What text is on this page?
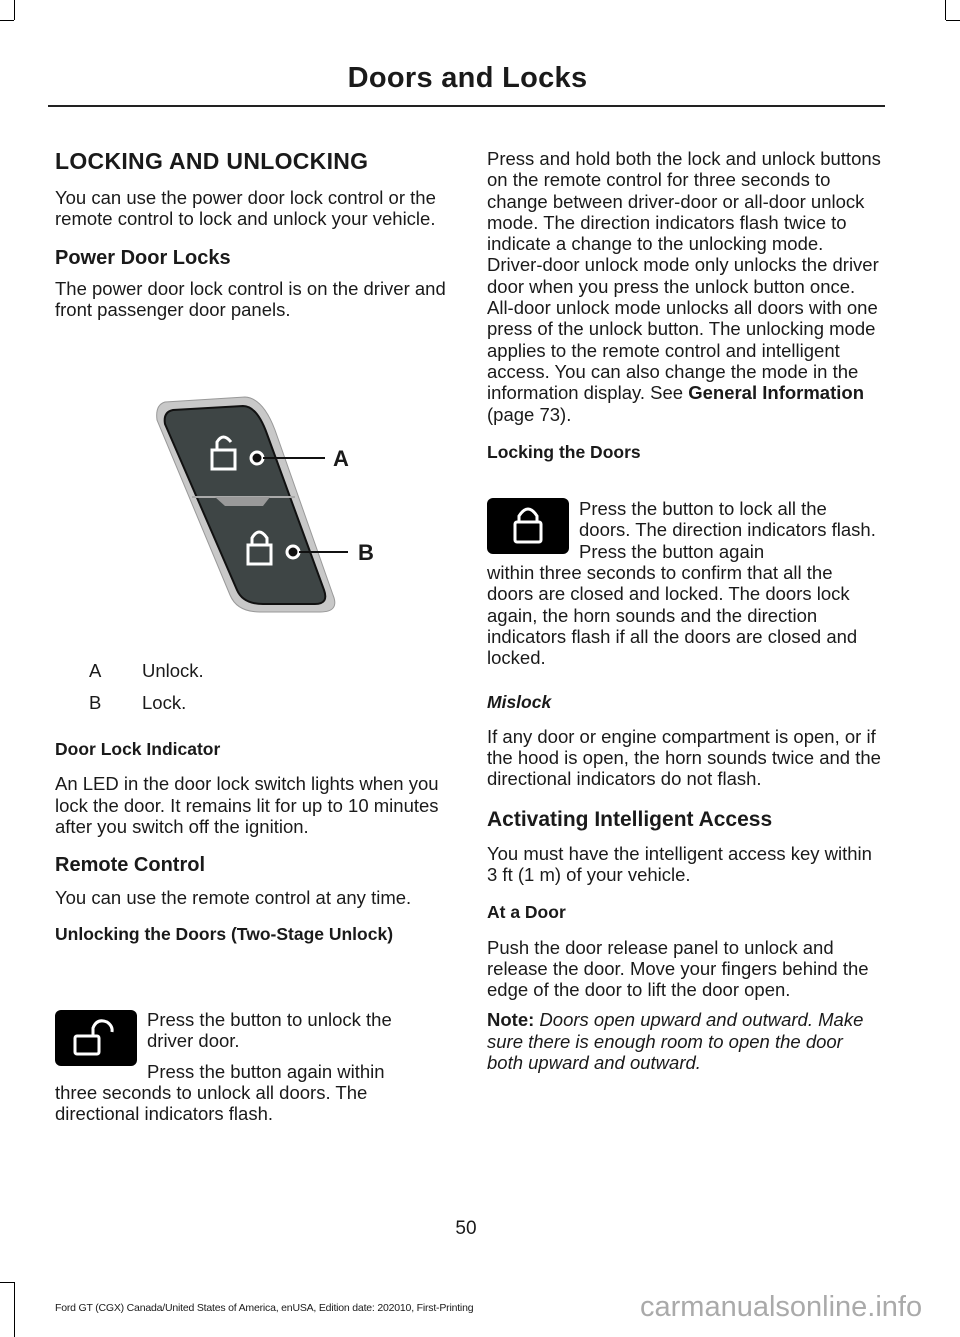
Doors and Locks
LOCKING AND UNLOCKING

You can use the power door lock control or the remote control to lock and unlock your vehicle.

Power Door Locks

The power door lock control is on the driver and front passenger door panels.

A
B
A Unlock.
B Lock.
Door Lock Indicator

An LED in the door lock switch lights when you lock the door. It remains lit for up to 10 minutes after you switch off the ignition.

Remote Control

You can use the remote control at any time.

Unlocking the Doors (Two-Stage Unlock)

Press the button to unlock the driver door.

Press the button again within

three seconds to unlock all doors. The directional indicators flash.

Press and hold both the lock and unlock buttons on the remote control for three seconds to change between driver-door or all-door unlock mode. The direction indicators flash twice to indicate a change to the unlocking mode. Driver-door unlock mode only unlocks the driver door when you press the unlock button once. All-door unlock mode unlocks all doors with one press of the unlock button. The unlocking mode applies to the remote control and intelligent access. You can also change the mode in the information display. See General Information (page 73).

Locking the Doors

Press the button to lock all the doors. The direction indicators flash. Press the button again

within three seconds to confirm that all the doors are closed and locked. The doors lock again, the horn sounds and the direction indicators flash if all the doors are closed and locked.

Mislock

If any door or engine compartment is open, or if the hood is open, the horn sounds twice and the directional indicators do not flash.

Activating Intelligent Access

You must have the intelligent access key within 3 ft (1 m) of your vehicle.

At a Door

Push the door release panel to unlock and release the door. Move your fingers behind the edge of the door to lift the door open.

Note: Doors open upward and outward. Make sure there is enough room to open the door both upward and outward.

50
Ford GT (CGX) Canada/United States of America, enUSA, Edition date: 202010, First-Printing	carmanualsonline.info
